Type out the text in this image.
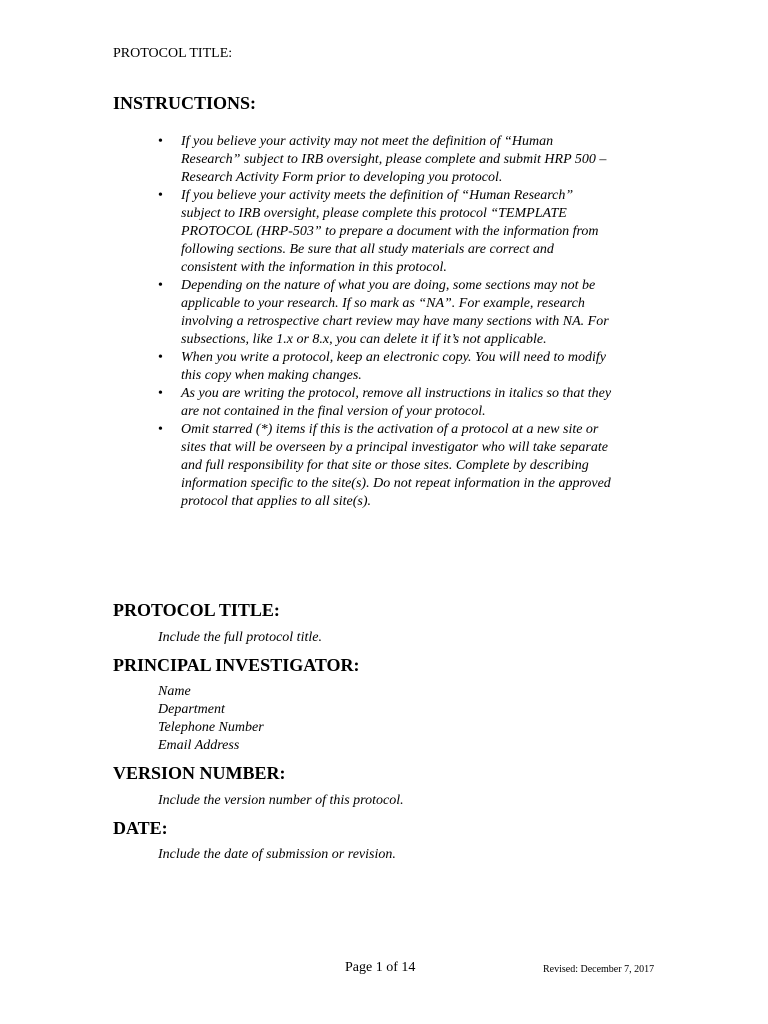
PROTOCOL TITLE:
INSTRUCTIONS:
• If you believe your activity may not meet the definition of “Human Research” subject to IRB oversight, please complete and submit HRP 500 – Research Activity Form prior to developing you protocol.
• If you believe your activity meets the definition of “Human Research” subject to IRB oversight, please complete this protocol “TEMPLATE PROTOCOL (HRP-503” to prepare a document with the information from following sections. Be sure that all study materials are correct and consistent with the information in this protocol.
• Depending on the nature of what you are doing, some sections may not be applicable to your research. If so mark as “NA”. For example, research involving a retrospective chart review may have many sections with NA. For subsections, like 1.x or 8.x, you can delete it if it’s not applicable.
• When you write a protocol, keep an electronic copy. You will need to modify this copy when making changes.
• As you are writing the protocol, remove all instructions in italics so that they are not contained in the final version of your protocol.
• Omit starred (*) items if this is the activation of a protocol at a new site or sites that will be overseen by a principal investigator who will take separate and full responsibility for that site or those sites. Complete by describing information specific to the site(s). Do not repeat information in the approved protocol that applies to all site(s).
PROTOCOL TITLE:

Include the full protocol title.

PRINCIPAL INVESTIGATOR:
Name
Department
Telephone Number
Email Address
VERSION NUMBER:

Include the version number of this protocol.

DATE:

Include the date of submission or revision.

Page 1 of 14	Revised: December 7, 2017
